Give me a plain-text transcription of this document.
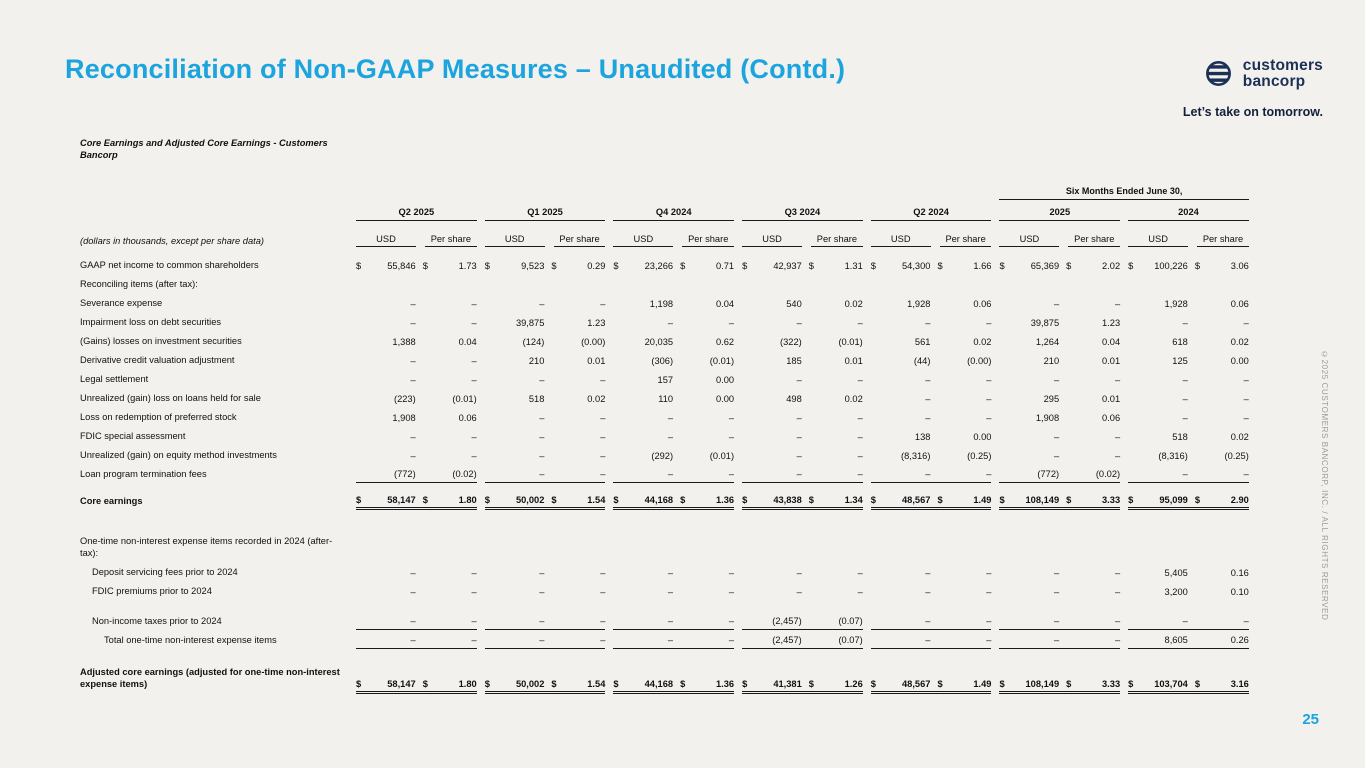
Reconciliation of Non-GAAP Measures – Unaudited (Contd.)	customers
bancorp
Let’s take on tomorrow.
Core Earnings and Adjusted Core Earnings - Customers Bancorp
Six Months Ended June 30,
Q2 2025	Q1 2025	Q4 2024	Q3 2024	Q2 2024	2025	2024
(dollars in thousands, except per share data)	USD	Per share	USD	Per share	USD	Per share	USD	Per share	USD	Per share	USD	Per share	USD	Per share
GAAP net income to common shareholders	$	55,846 $	1.73 $	9,523 $	0.29 $	23,266 $	0.71 $	42,937 $	1.31 $	54,300 $	1.66 $	65,369 $	2.02 $	100,226 $	3.06
Reconciling items (after tax):
Severance expense	–	–	–	–	1,198	0.04	540	0.02	1,928	0.06	–	–	1,928	0.06
Impairment loss on debt securities	–	–	39,875	1.23	–	–	–	–	–	–	39,875	1.23	–	–
(Gains) losses on investment securities	1,388	0.04	(124)	(0.00)	20,035	0.62	(322)	(0.01)	561	0.02	1,264	0.04	618	0.02
Derivative credit valuation adjustment	–	–	210	0.01	(306)	(0.01)	185	0.01	(44)	(0.00)	210	0.01	125	0.00
Legal settlement	–	–	–	–	157	0.00	–	–	–	–	–	–	–	–
Unrealized (gain) loss on loans held for sale	(223)	(0.01)	518	0.02	110	0.00	498	0.02	–	–	295	0.01	–	–
Loss on redemption of preferred stock	1,908	0.06	–	–	–	–	–	–	–	–	1,908	0.06	–	–
FDIC special assessment	–	–	–	–	–	–	–	–	138	0.00	–	–	518	0.02
Unrealized (gain) on equity method investments	–	–	–	–	(292)	(0.01)	–	–	(8,316)	(0.25)	–	–	(8,316)	(0.25)
Loan program termination fees	(772)	(0.02)	–	–	–	–	–	–	–	–	(772)	(0.02)	–	–
Core earnings	$	58,147 $	1.80 $	50,002 $	1.54 $	44,168 $	1.36 $	43,838 $	1.34 $	48,567 $	1.49 $	108,149 $	3.33 $	95,099 $	2.90
One-time non-interest expense items recorded in 2024 (after-tax):
Deposit servicing fees prior to 2024	–	–	–	–	–	–	–	–	–	–	–	–	5,405	0.16
FDIC premiums prior to 2024	–	–	–	–	–	–	–	–	–	–	–	–	3,200	0.10
Non-income taxes prior to 2024	–	–	–	–	–	–	(2,457)	(0.07)	–	–	–	–	–	–
Total one-time non-interest expense items	–	–	–	–	–	–	(2,457)	(0.07)	–	–	–	–	8,605	0.26
Adjusted core earnings (adjusted for one-time non-interest expense items)	$	58,147 $	1.80 $	50,002 $	1.54 $	44,168 $	1.36 $	41,381 $	1.26 $	48,567 $	1.49 $	108,149 $	3.33 $	103,704 $	3.16
©2025 CUSTOMERS BANCORP, INC. / ALL RIGHTS RESERVED
25
